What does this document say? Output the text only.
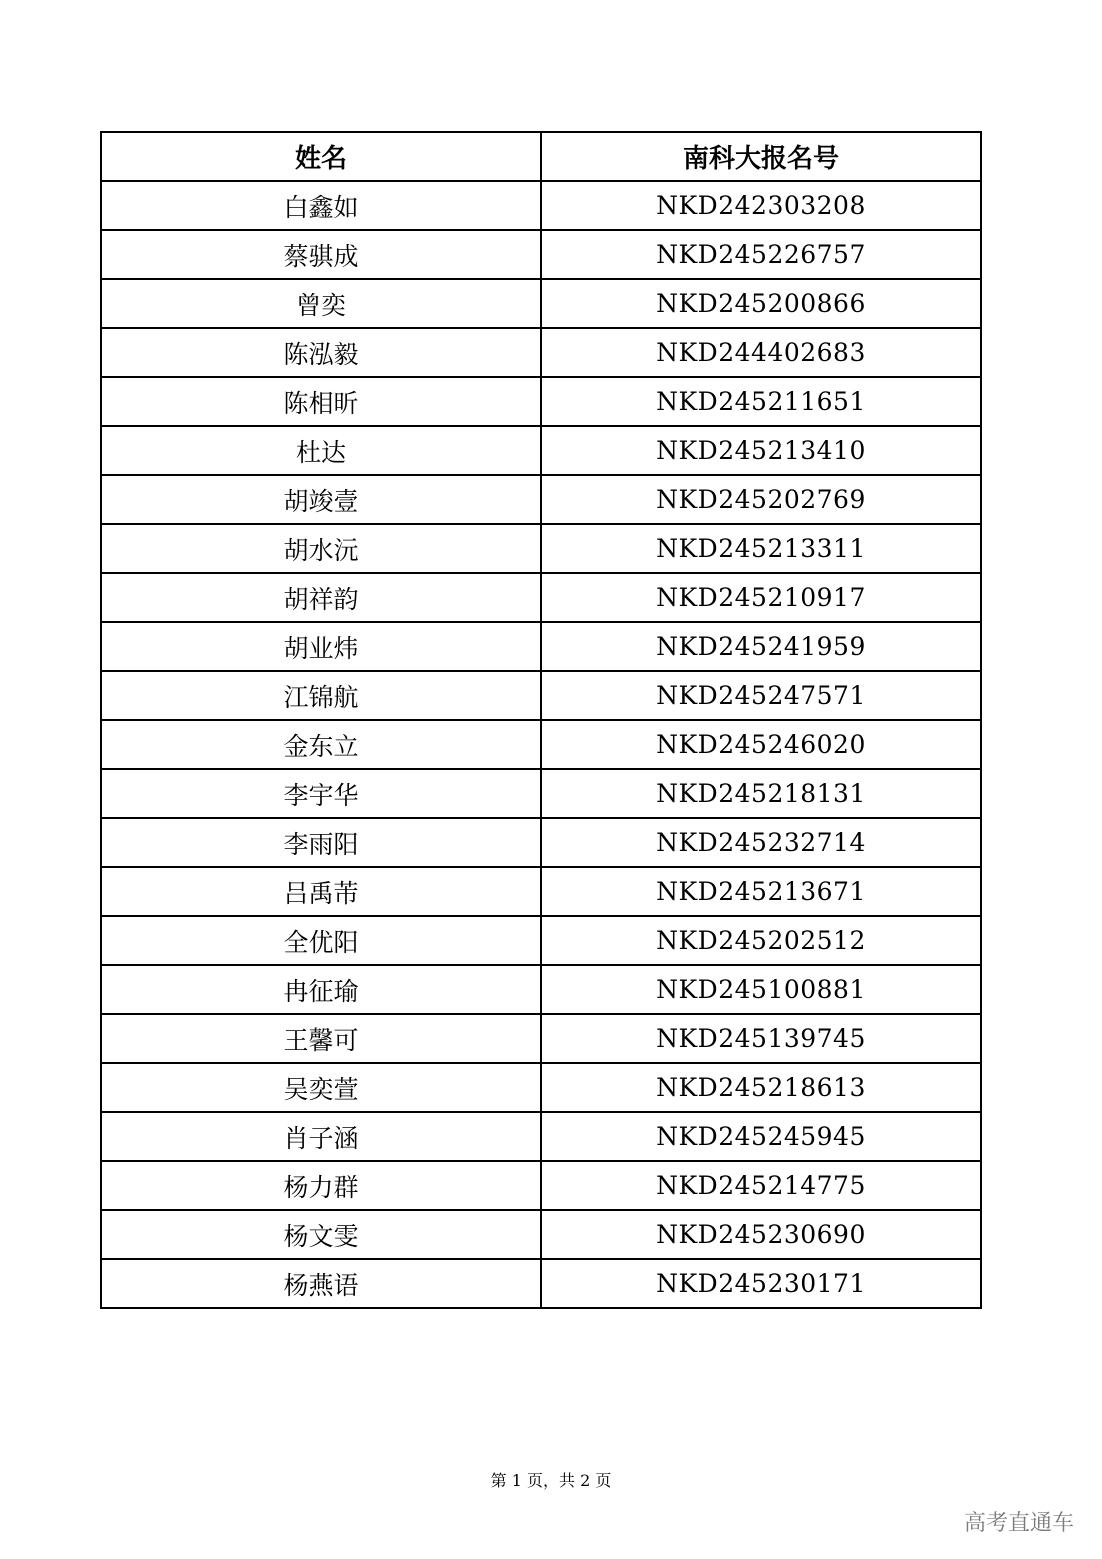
姓名	南科大报名号
白鑫如	NKD242303208
蔡骐成	NKD245226757
曾奕	NKD245200866
陈泓毅	NKD244402683
陈相昕	NKD245211651
杜达	NKD245213410
胡竣壹	NKD245202769
胡水沅	NKD245213311
胡祥韵	NKD245210917
胡业炜	NKD245241959
江锦航	NKD245247571
金东立	NKD245246020
李宇华	NKD245218131
李雨阳	NKD245232714
吕禹芾	NKD245213671
全优阳	NKD245202512
冉征瑜	NKD245100881
王馨可	NKD245139745
吴奕萱	NKD245218613
肖子涵	NKD245245945
杨力群	NKD245214775
杨文雯	NKD245230690
杨燕语	NKD245230171
第 1 页，共 2 页
高考直通车
